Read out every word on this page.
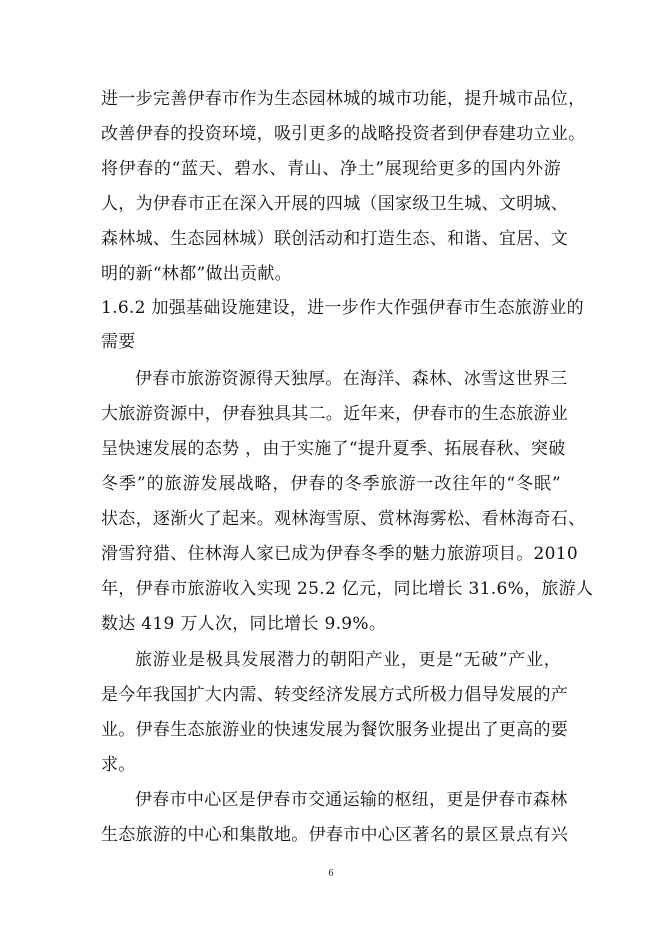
进一步完善伊春市作为生态园林城的城市功能，提升城市品位，
改善伊春的投资环境，吸引更多的战略投资者到伊春建功立业。
将伊春的“蓝天、碧水、青山、净土”展现给更多的国内外游
人，为伊春市正在深入开展的四城（国家级卫生城、文明城、
森林城、生态园林城）联创活动和打造生态、和谐、宜居、文
明的新“林都”做出贡献。
1.6.2 加强基础设施建设，进一步作大作强伊春市生态旅游业的
需要
伊春市旅游资源得天独厚。在海洋、森林、冰雪这世界三
大旅游资源中，伊春独具其二。近年来，伊春市的生态旅游业
呈快速发展的态势 ，由于实施了“提升夏季、拓展春秋、突破
冬季”的旅游发展战略，伊春的冬季旅游一改往年的“冬眠”
状态，逐渐火了起来。观林海雪原、赏林海雾松、看林海奇石、
滑雪狩猎、住林海人家已成为伊春冬季的魅力旅游项目。2010
年，伊春市旅游收入实现 25.2 亿元，同比增长 31.6%，旅游人
数达 419 万人次，同比增长 9.9%。
旅游业是极具发展潜力的朝阳产业，更是“无破”产业，
是今年我国扩大内需、转变经济发展方式所极力倡导发展的产
业。伊春生态旅游业的快速发展为餐饮服务业提出了更高的要
求。
伊春市中心区是伊春市交通运输的枢纽，更是伊春市森林
生态旅游的中心和集散地。伊春市中心区著名的景区景点有兴
6
